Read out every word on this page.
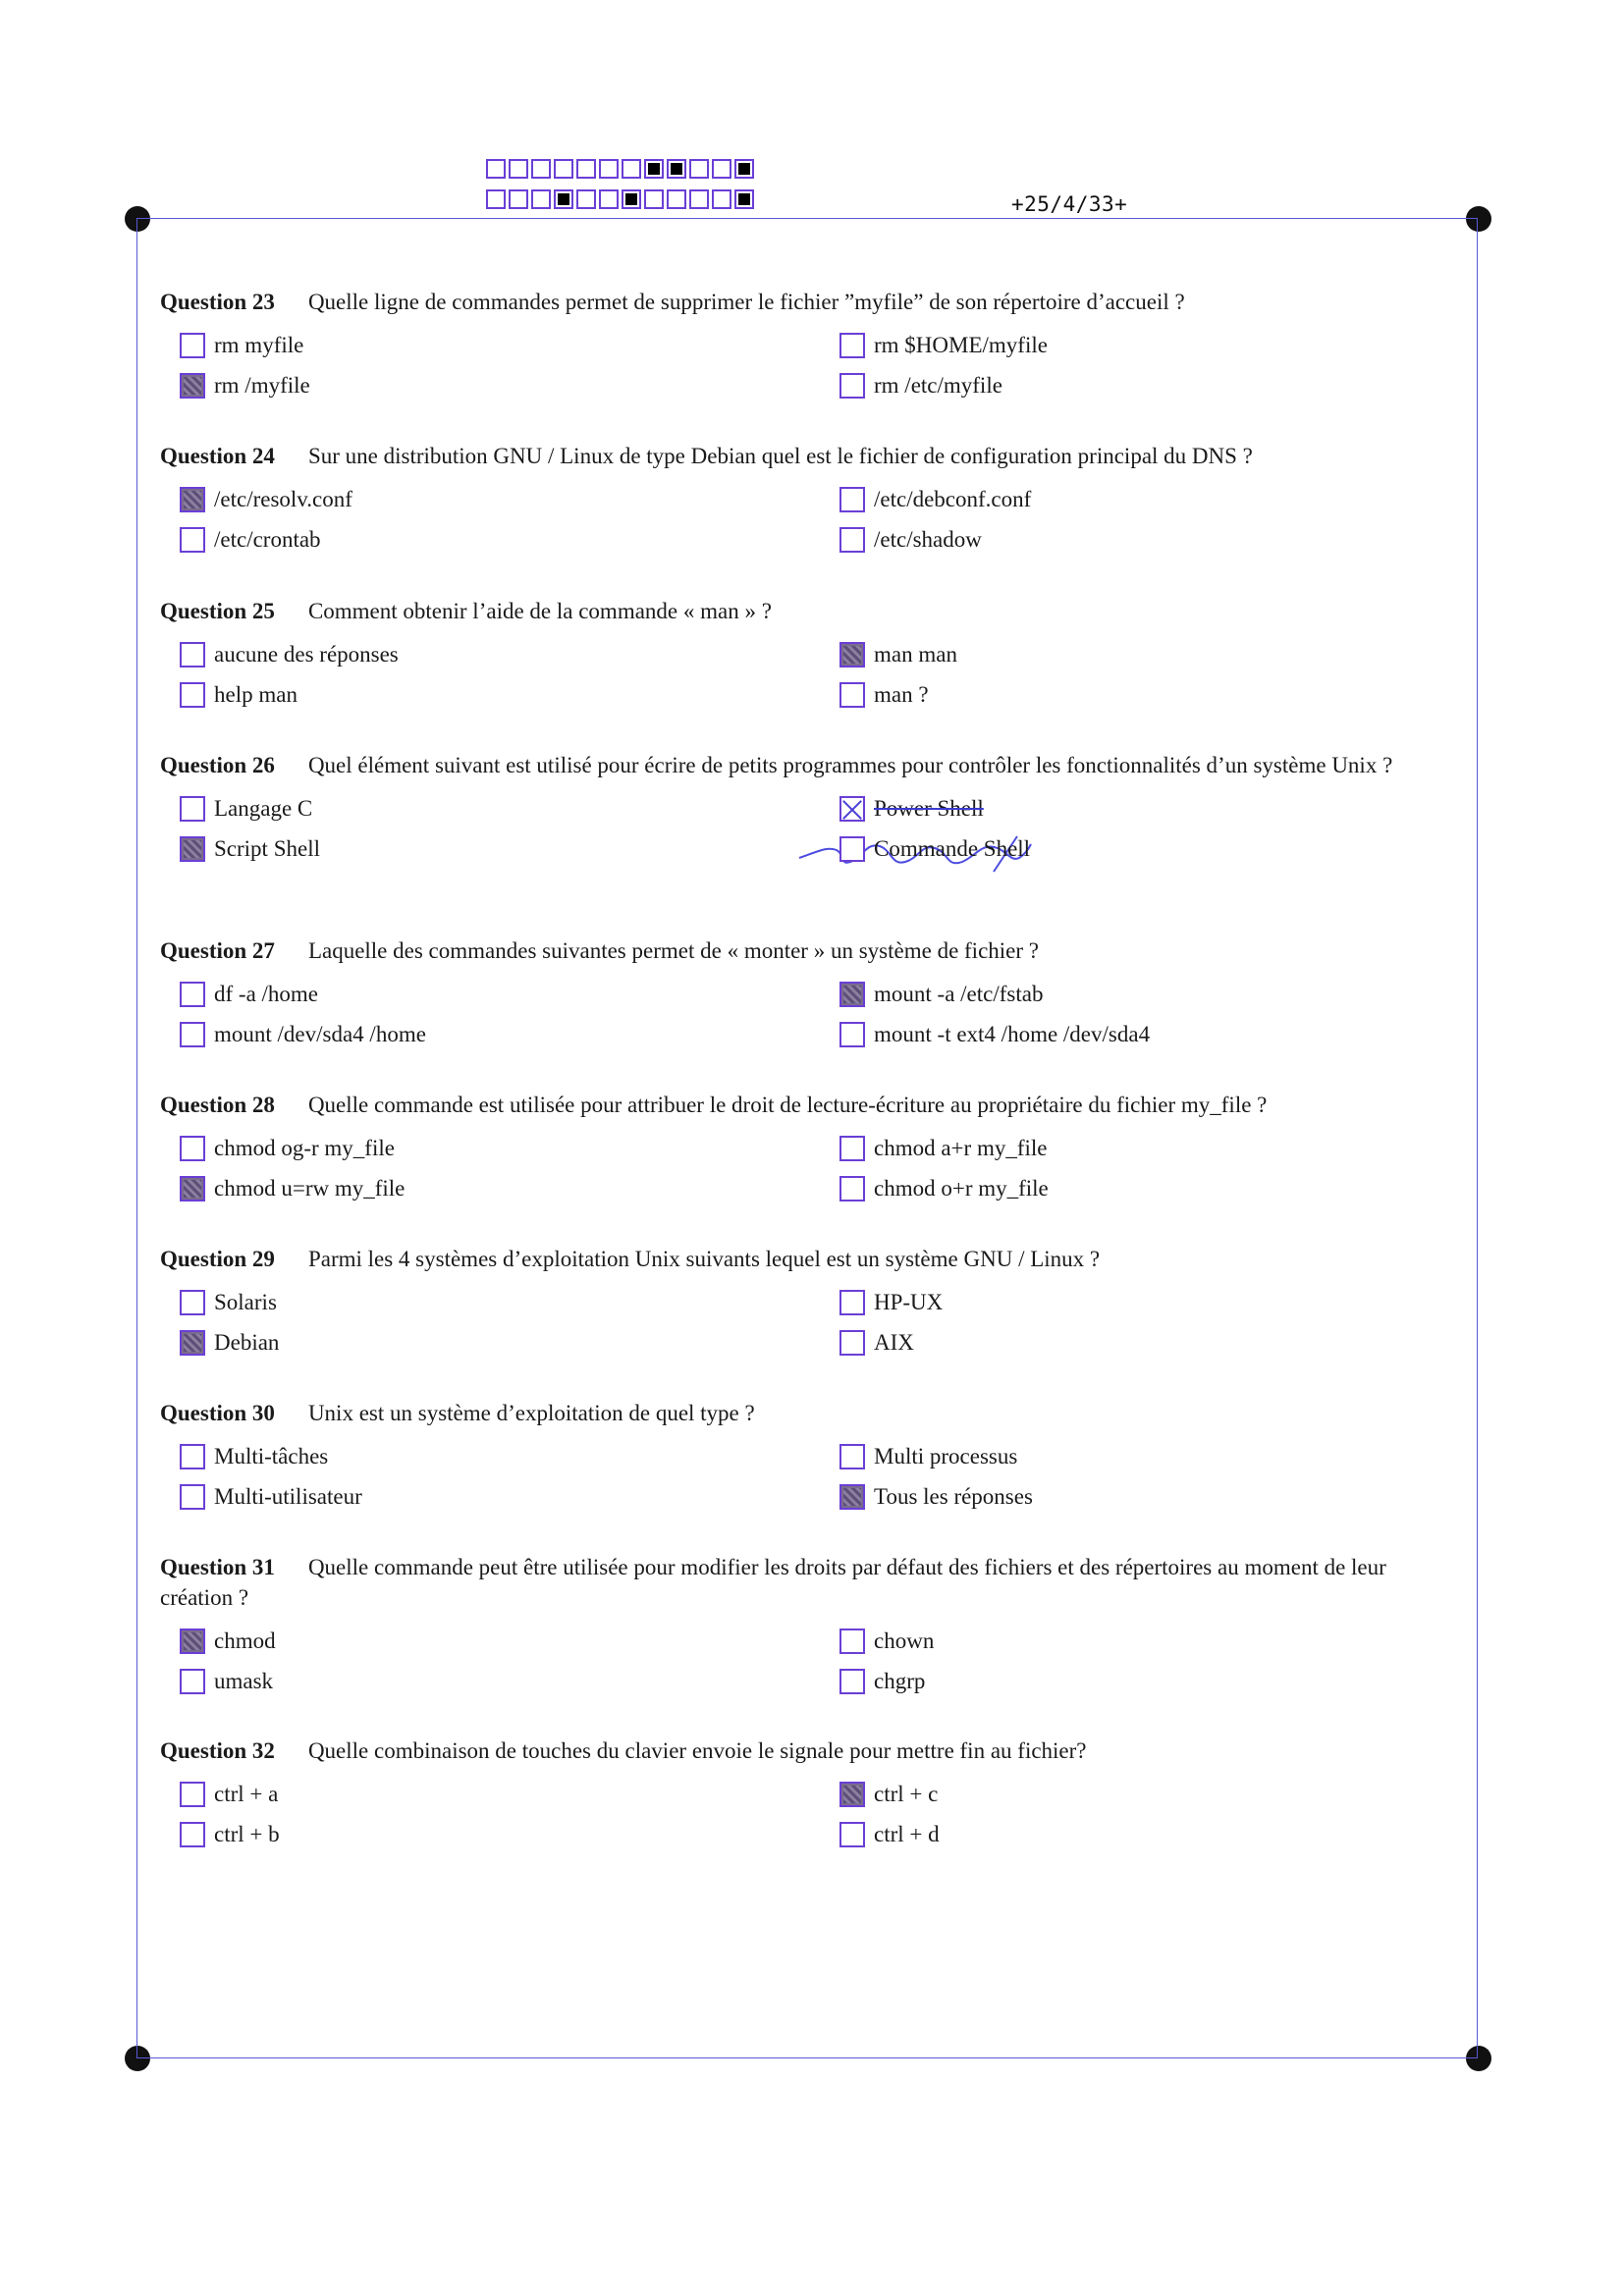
+25/4/33+
Question 23 Quelle ligne de commandes permet de supprimer le fichier ”myfile” de son répertoire d’accueil ?
rm myfile	rm $HOME/myfile
rm /myfile	rm /etc/myfile
Question 24 Sur une distribution GNU / Linux de type Debian quel est le fichier de configuration principal du DNS ?
/etc/resolv.conf	/etc/debconf.conf
/etc/crontab	/etc/shadow
Question 25 Comment obtenir l’aide de la commande « man » ?
aucune des réponses	man man
help man	man ?
Question 26 Quel élément suivant est utilisé pour écrire de petits programmes pour contrôler les fonctionnalités d’un système Unix ?
Langage C	Power Shell
Script Shell	Commande Shell
Question 27 Laquelle des commandes suivantes permet de « monter » un système de fichier ?
df -a /home	mount -a /etc/fstab
mount /dev/sda4 /home	mount -t ext4 /home /dev/sda4
Question 28 Quelle commande est utilisée pour attribuer le droit de lecture-écriture au propriétaire du fichier my_file ?
chmod og-r my_file	chmod a+r my_file
chmod u=rw my_file	chmod o+r my_file
Question 29 Parmi les 4 systèmes d’exploitation Unix suivants lequel est un système GNU / Linux ?
Solaris	HP-UX
Debian	AIX
Question 30 Unix est un système d’exploitation de quel type ?
Multi-tâches	Multi processus
Multi-utilisateur	Tous les réponses
Question 31 Quelle commande peut être utilisée pour modifier les droits par défaut des fichiers et des répertoires au moment de leur création ?
chmod	chown
umask	chgrp
Question 32 Quelle combinaison de touches du clavier envoie le signale pour mettre fin au fichier?
ctrl + a	ctrl + c
ctrl + b	ctrl + d
